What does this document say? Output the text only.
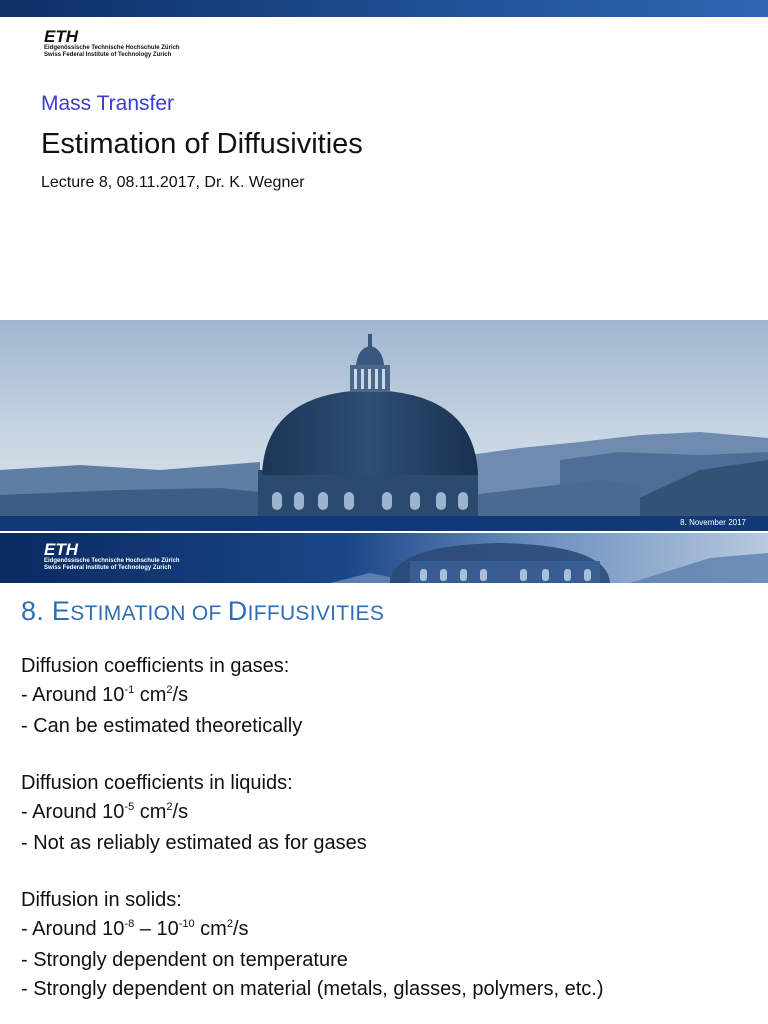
ETH
Eidgenössische Technische Hochschule Zürich
Swiss Federal Institute of Technology Zurich
Mass Transfer
Estimation of Diffusivities
Lecture 8, 08.11.2017, Dr. K. Wegner
8. November 2017
ETH
Eidgenössische Technische Hochschule Zürich
Swiss Federal Institute of Technology Zurich
8. ESTIMATION OF DIFFUSIVITIES
Diffusion coefficients in gases:
- Around $10^{-1}$ $cm^2/s$
- Can be estimated theoretically
Diffusion coefficients in liquids:
- Around $10^{-5}$ $cm^2/s$
- Not as reliably estimated as for gases
Diffusion in solids:
- Around $10^{-8} - 10^{-10}$ $cm^2/s$
- Strongly dependent on temperature
- Strongly dependent on material (metals, glasses, polymers, etc.)
